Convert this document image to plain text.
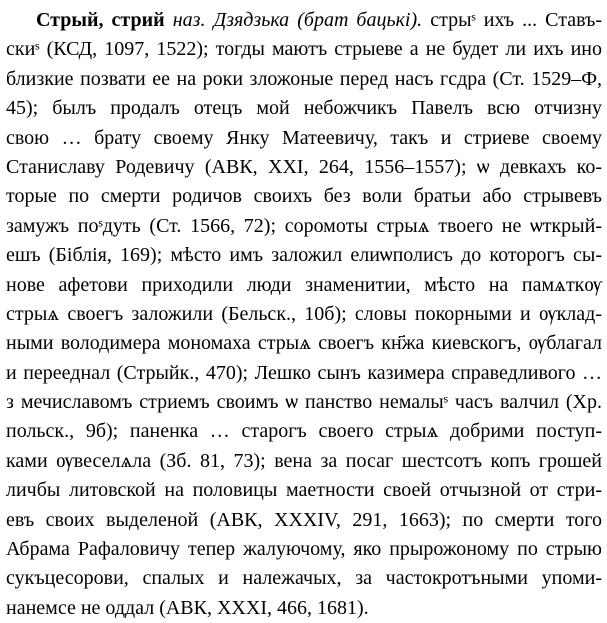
Стрый, стрий наз. Дзядзька (брат бацькі). стрыˢ ихъ ... Ставъ-
скиˢ (КСД, 1097, 1522); тогды маютъ стрыеве а не будет ли ихъ ино
близкие позвати ее на роки зложоные перед насъ гсдра (Ст. 1529–Ф,
45); былъ продалъ отецъ мой небожчикъ Павелъ всю отчизну
свою … брату своему Янку Матеевичу, такъ и стриеве своему
Станиславу Родевичу (АВК, XXI, 264, 1556–1557); ѡ девкахъ ко-
торые по смерти родичов своихъ без воли братьи або стрывевъ
замужъ поˢдуть (Ст. 1566, 72); соромоты стрыѧ твоего не ѡткрый-
ешъ (Біблія, 169); мѣсто имъ заложил елиѡполисъ до которогъ сы-
нове афетови приходили люди знаменитии, мѣсто на памѧткѹ
стрыѧ своегъ заложили (Бельск., 10б); словы покорными и ѹклад-
ными володимера мономаха стрыѧ своегъ кн҃жа киевскогъ, ѹблагал
и перееднал (Стрыйк., 470); Лешко сынъ казимера справедливого …
з мечиславомъ стриемъ своимъ ѡ панство немалыˢ часъ валчил (Хр.
польск., 9б); паненка … старогъ своего стрыѧ добрими поступ-
ками ѹвеселѧла (Зб. 81, 73); вена за посаг шестсотъ копъ грошей
личбы литовской на половицы маетности своей отчызной от стри-
евъ своих выделеной (АВК, XXXIV, 291, 1663); по смерти того
Абрама Рафаловичу тепер жалуючому, яко прырожоному по стрыю
сукъцесорови, спалых и належачых, за частокротъными упоми-
нанемсе не оддал (АВК, XXXI, 466, 1681).
